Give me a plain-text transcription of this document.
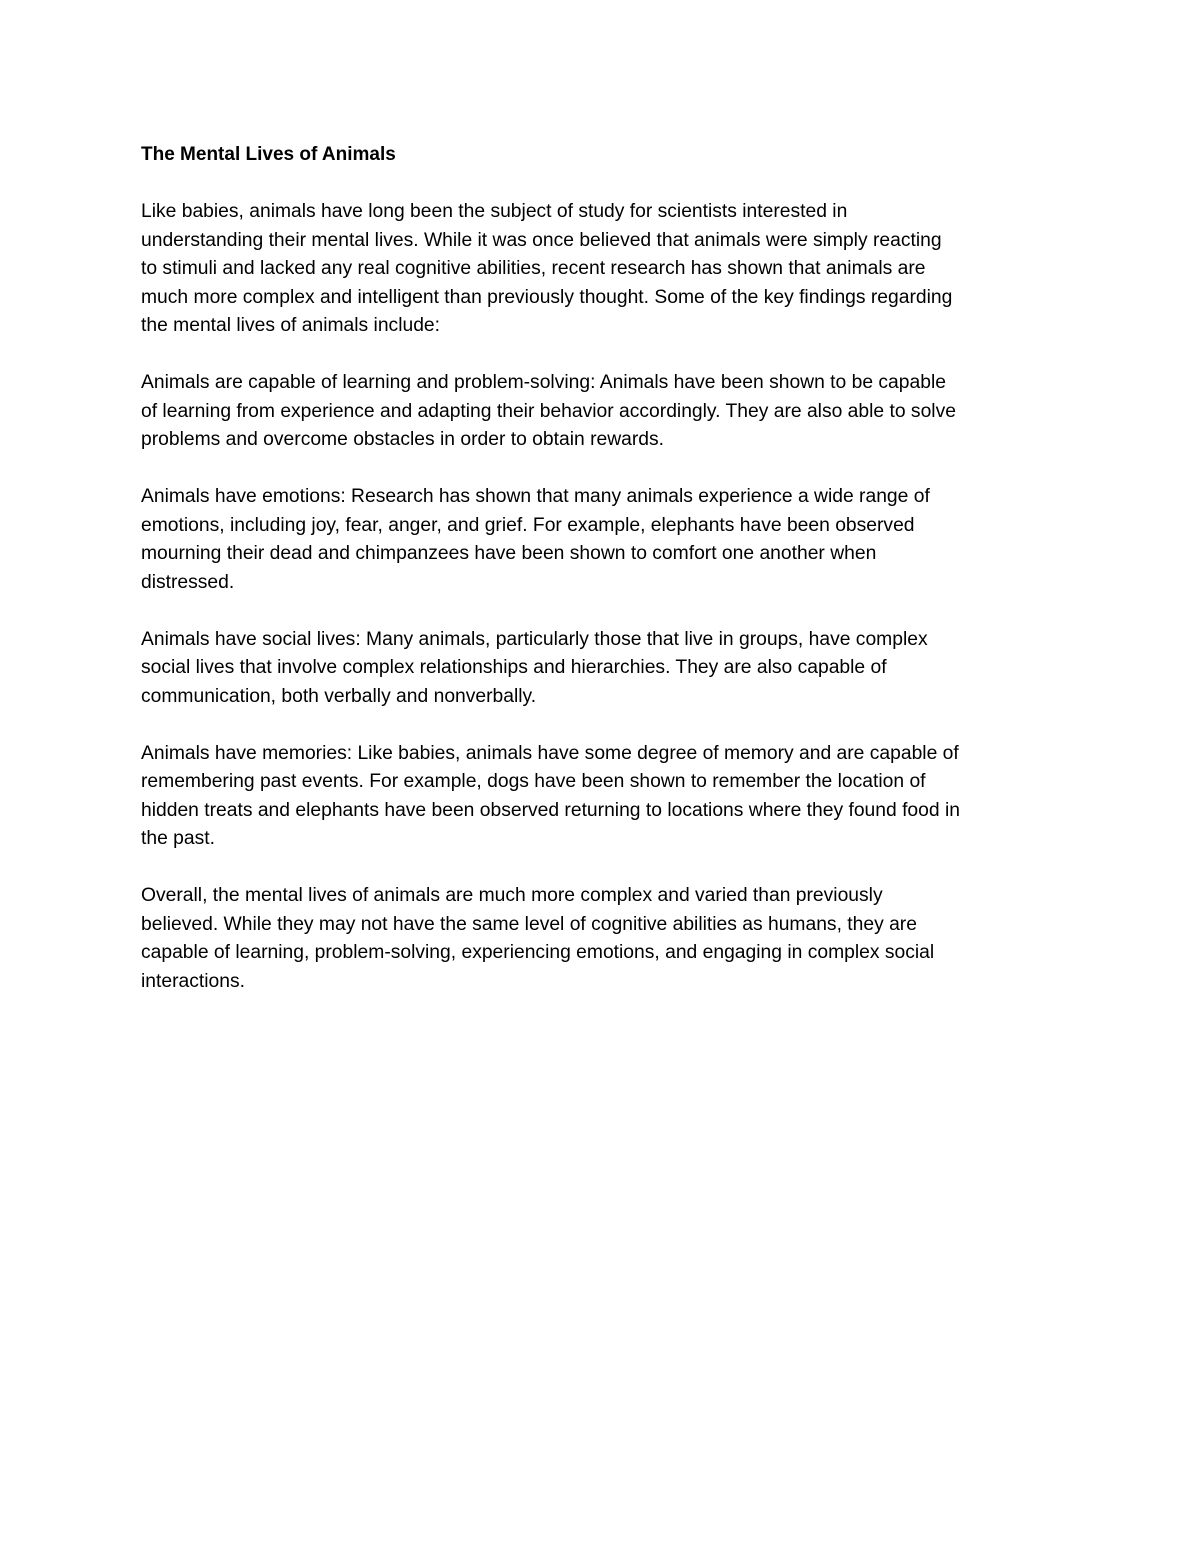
The Mental Lives of Animals

Like babies, animals have long been the subject of study for scientists interested in
understanding their mental lives. While it was once believed that animals were simply reacting
to stimuli and lacked any real cognitive abilities, recent research has shown that animals are
much more complex and intelligent than previously thought. Some of the key findings regarding
the mental lives of animals include:

Animals are capable of learning and problem-solving: Animals have been shown to be capable
of learning from experience and adapting their behavior accordingly. They are also able to solve
problems and overcome obstacles in order to obtain rewards.

Animals have emotions: Research has shown that many animals experience a wide range of
emotions, including joy, fear, anger, and grief. For example, elephants have been observed
mourning their dead and chimpanzees have been shown to comfort one another when
distressed.

Animals have social lives: Many animals, particularly those that live in groups, have complex
social lives that involve complex relationships and hierarchies. They are also capable of
communication, both verbally and nonverbally.

Animals have memories: Like babies, animals have some degree of memory and are capable of
remembering past events. For example, dogs have been shown to remember the location of
hidden treats and elephants have been observed returning to locations where they found food in
the past.

Overall, the mental lives of animals are much more complex and varied than previously
believed. While they may not have the same level of cognitive abilities as humans, they are
capable of learning, problem-solving, experiencing emotions, and engaging in complex social
interactions.
